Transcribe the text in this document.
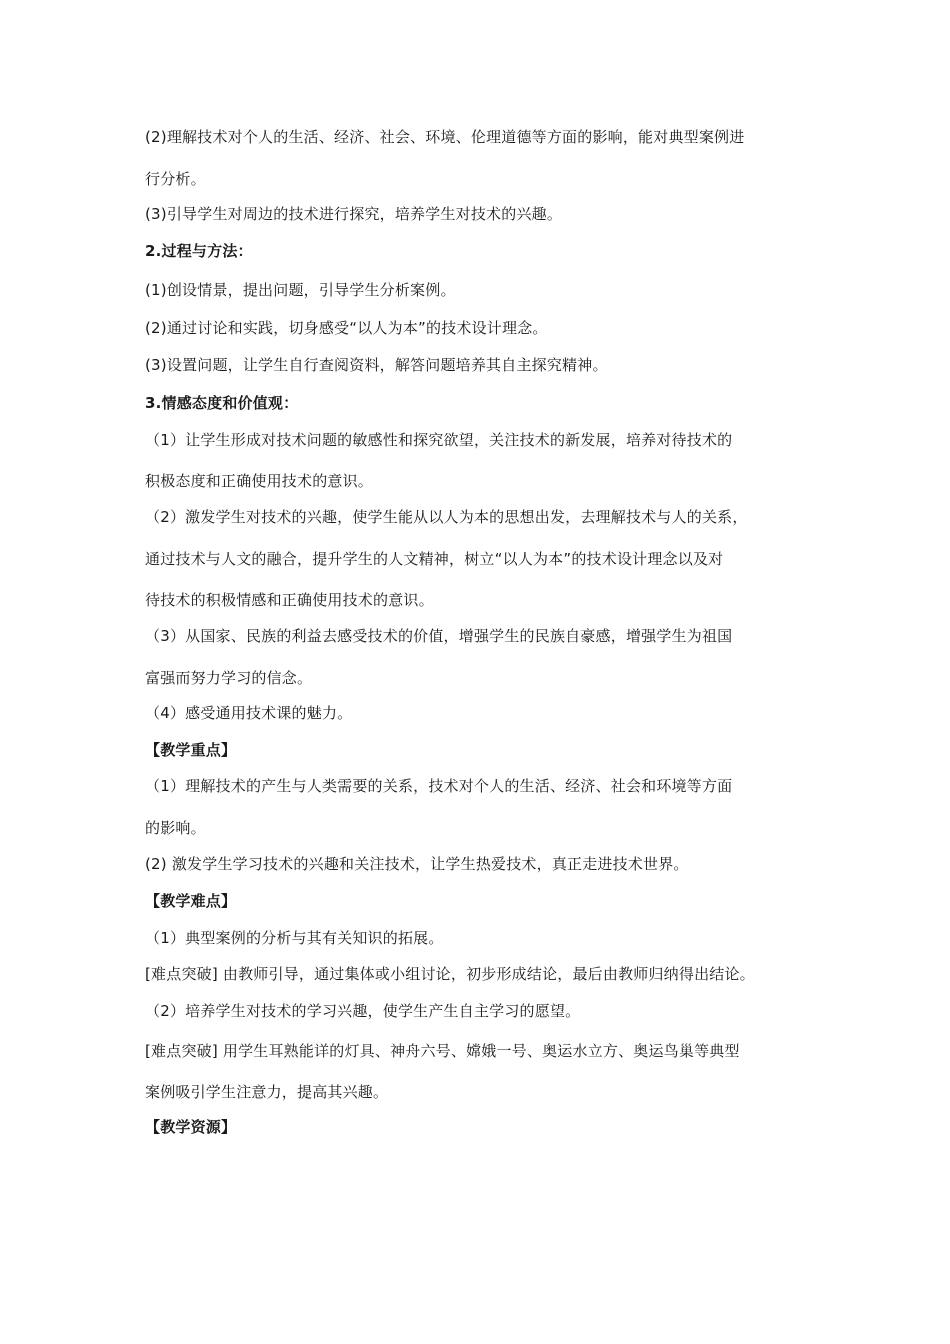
(2)理解技术对个人的生活、经济、社会、环境、伦理道德等方面的影响，能对典型案例进
行分析。
(3)引导学生对周边的技术进行探究，培养学生对技术的兴趣。
2.过程与方法：
(1)创设情景，提出问题，引导学生分析案例。
(2)通过讨论和实践，切身感受“以人为本”的技术设计理念。
(3)设置问题，让学生自行查阅资料，解答问题培养其自主探究精神。
3.情感态度和价值观：
（1）让学生形成对技术问题的敏感性和探究欲望，关注技术的新发展，培养对待技术的
积极态度和正确使用技术的意识。
（2）激发学生对技术的兴趣，使学生能从以人为本的思想出发，去理解技术与人的关系，
通过技术与人文的融合，提升学生的人文精神，树立“以人为本”的技术设计理念以及对
待技术的积极情感和正确使用技术的意识。
（3）从国家、民族的利益去感受技术的价值，增强学生的民族自豪感，增强学生为祖国
富强而努力学习的信念。
（4）感受通用技术课的魅力。
【教学重点】
（1）理解技术的产生与人类需要的关系，技术对个人的生活、经济、社会和环境等方面
的影响。
(2) 激发学生学习技术的兴趣和关注技术，让学生热爱技术，真正走进技术世界。
【教学难点】
（1）典型案例的分析与其有关知识的拓展。
[难点突破] 由教师引导，通过集体或小组讨论，初步形成结论，最后由教师归纳得出结论。
（2）培养学生对技术的学习兴趣，使学生产生自主学习的愿望。
[难点突破] 用学生耳熟能详的灯具、神舟六号、嫦娥一号、奥运水立方、奥运鸟巢等典型
案例吸引学生注意力，提高其兴趣。
【教学资源】
